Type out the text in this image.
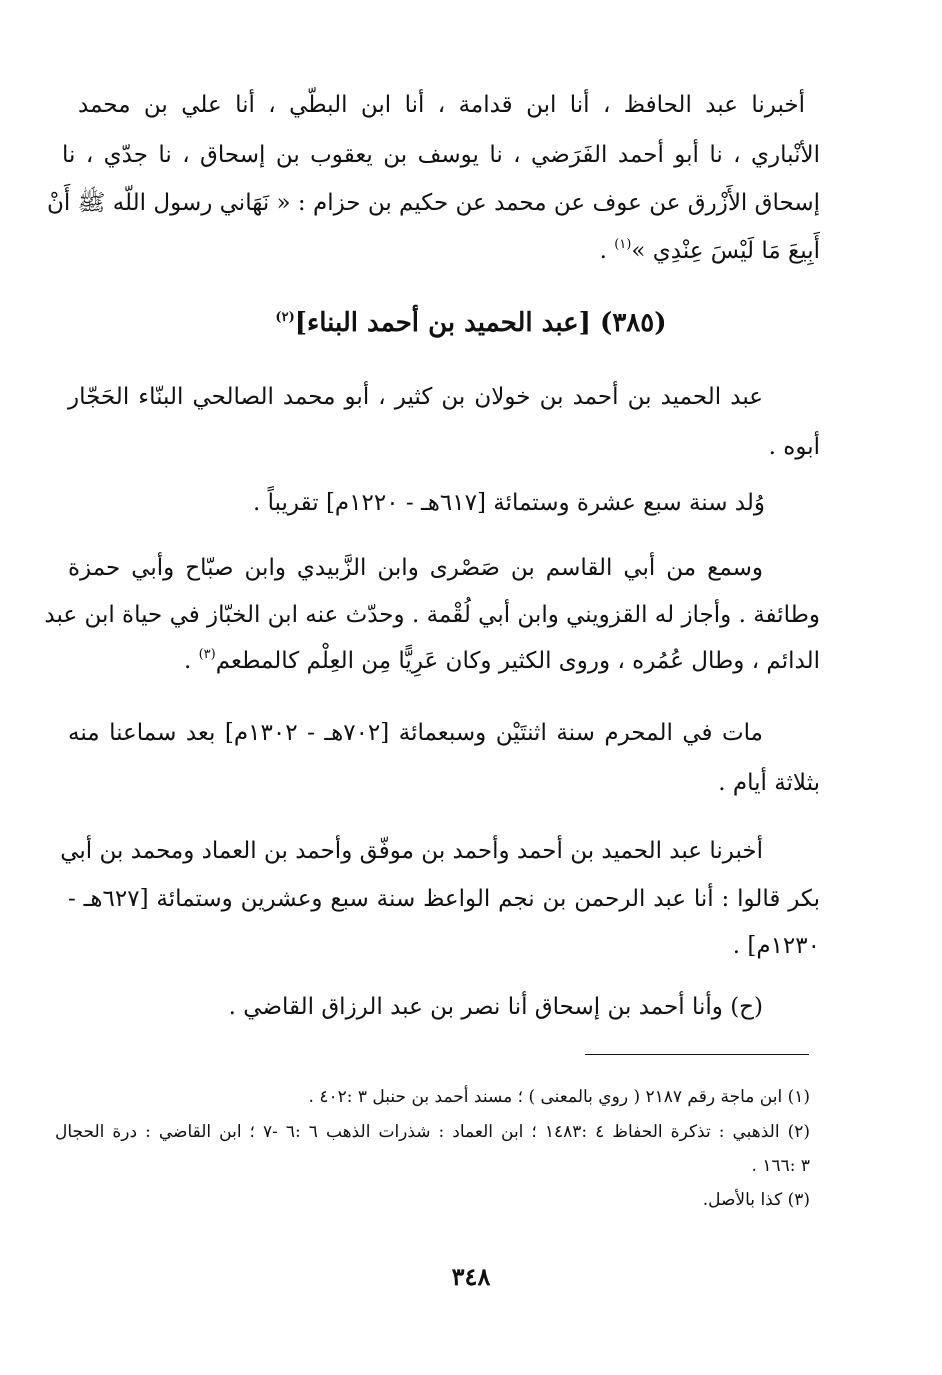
أخبرنا عبد الحافظ ، أنا ابن قدامة ، أنا ابن البطّي ، أنا علي بن محمد
الأنْباري ، نا أبو أحمد الفَرَضي ، نا يوسف بن يعقوب بن إسحاق ، نا جدّي ، نا
إسحاق الأَزْرق عن عوف عن محمد عن حكيم بن حزام : « نَهَاني رسول اللّه ﷺ أَنْ
أَبِيعَ مَا لَيْسَ عِنْدِي »$^{(١)}$ .
(٣٨٥) [عبد الحميد بن أحمد البناء]$^{(٢)}$
عبد الحميد بن أحمد بن خولان بن كثير ، أبو محمد الصالحي البنّاء الحَجّار
أبوه .
وُلد سنة سبع عشرة وستمائة [٦١٧هـ - ١٢٢٠م] تقريباً .
وسمع من أبي القاسم بن صَصْرى وابن الزَّبيدي وابن صبّاح وأبي حمزة
وطائفة . وأجاز له القزويني وابن أبي لُقْمة . وحدّث عنه ابن الخبّاز في حياة ابن عبد
الدائم ، وطال عُمُره ، وروى الكثير وكان عَرِيًّا مِن العِلْم كالمطعم$^{(٣)}$ .
مات في المحرم سنة اثنتَيْن وسبعمائة [٧٠٢هـ - ١٣٠٢م] بعد سماعنا منه
بثلاثة أيام .
أخبرنا عبد الحميد بن أحمد وأحمد بن موفّق وأحمد بن العماد ومحمد بن أبي
بكر قالوا : أنا عبد الرحمن بن نجم الواعظ سنة سبع وعشرين وستمائة [٦٢٧هـ -
١٢٣٠م] .
(ح) وأنا أحمد بن إسحاق أنا نصر بن عبد الرزاق القاضي .
(١) ابن ماجة رقم ٢١٨٧ ( روي بالمعنى ) ؛ مسند أحمد بن حنبل ٣ :٤٠٢ .
(٢) الذهبي : تذكرة الحفاظ ٤ :١٤٨٣ ؛ ابن العماد : شذرات الذهب ٦ :٦ -٧ ؛ ابن القاضي : درة الحجال
٣ :١٦٦ .
(٣) كذا بالأصل.
٣٤٨
